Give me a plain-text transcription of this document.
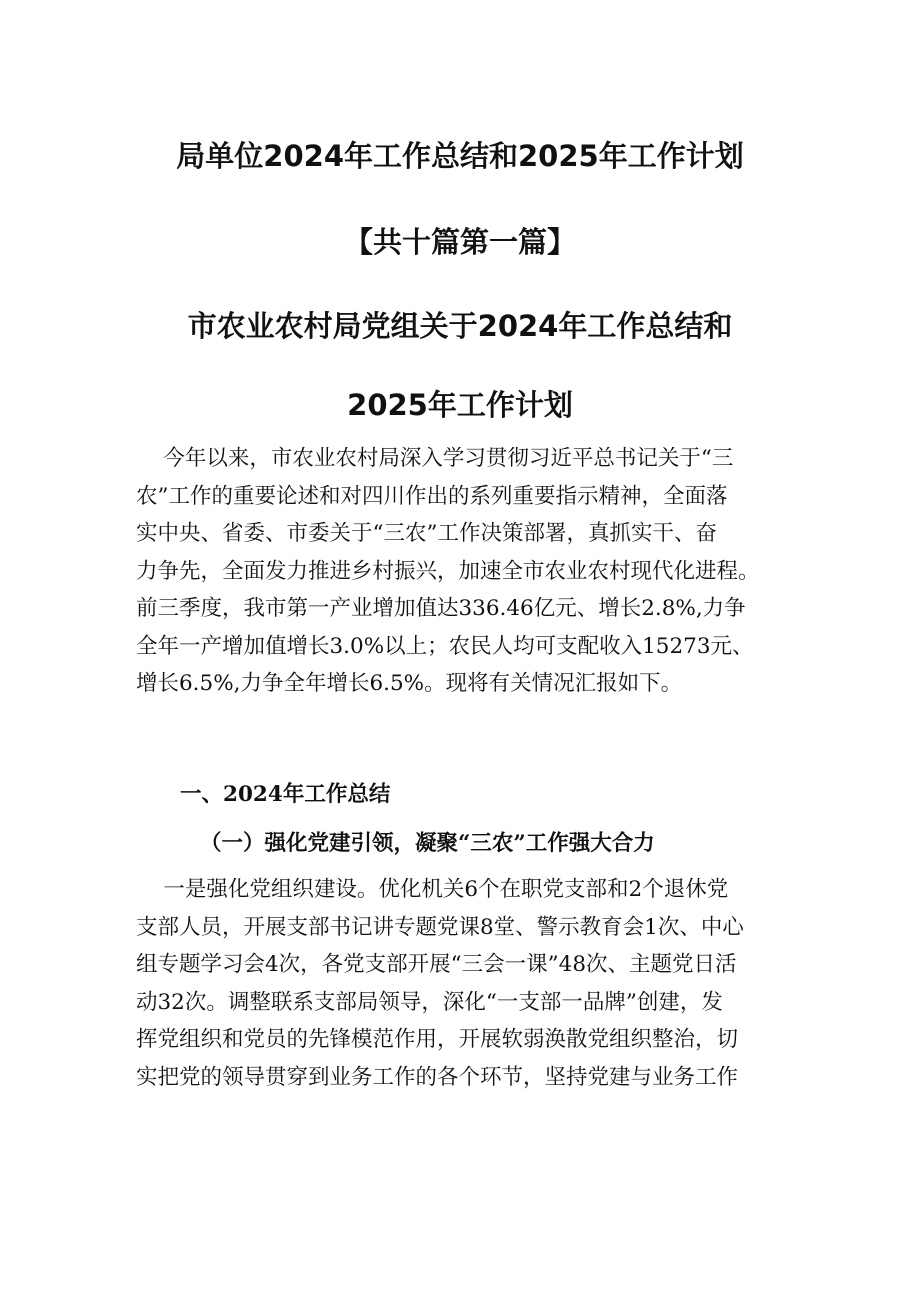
局单位2024年工作总结和2025年工作计划
【共十篇第一篇】
市农业农村局党组关于2024年工作总结和
2025年工作计划
今年以来，市农业农村局深入学习贯彻习近平总书记关于“三
农”工作的重要论述和对四川作出的系列重要指示精神，全面落
实中央、省委、市委关于“三农”工作决策部署，真抓实干、奋
力争先，全面发力推进乡村振兴，加速全市农业农村现代化进程。
前三季度，我市第一产业增加值达336.46亿元、增长2.8%,力争
全年一产增加值增长3.0%以上；农民人均可支配收入15273元、
增长6.5%,力争全年增长6.5%。现将有关情况汇报如下。
一、2024年工作总结
（一）强化党建引领，凝聚“三农”工作强大合力
一是强化党组织建设。优化机关6个在职党支部和2个退休党
支部人员，开展支部书记讲专题党课8堂、警示教育会1次、中心
组专题学习会4次，各党支部开展“三会一课”48次、主题党日活
动32次。调整联系支部局领导，深化“一支部一品牌”创建，发
挥党组织和党员的先锋模范作用，开展软弱涣散党组织整治，切
实把党的领导贯穿到业务工作的各个环节，坚持党建与业务工作
